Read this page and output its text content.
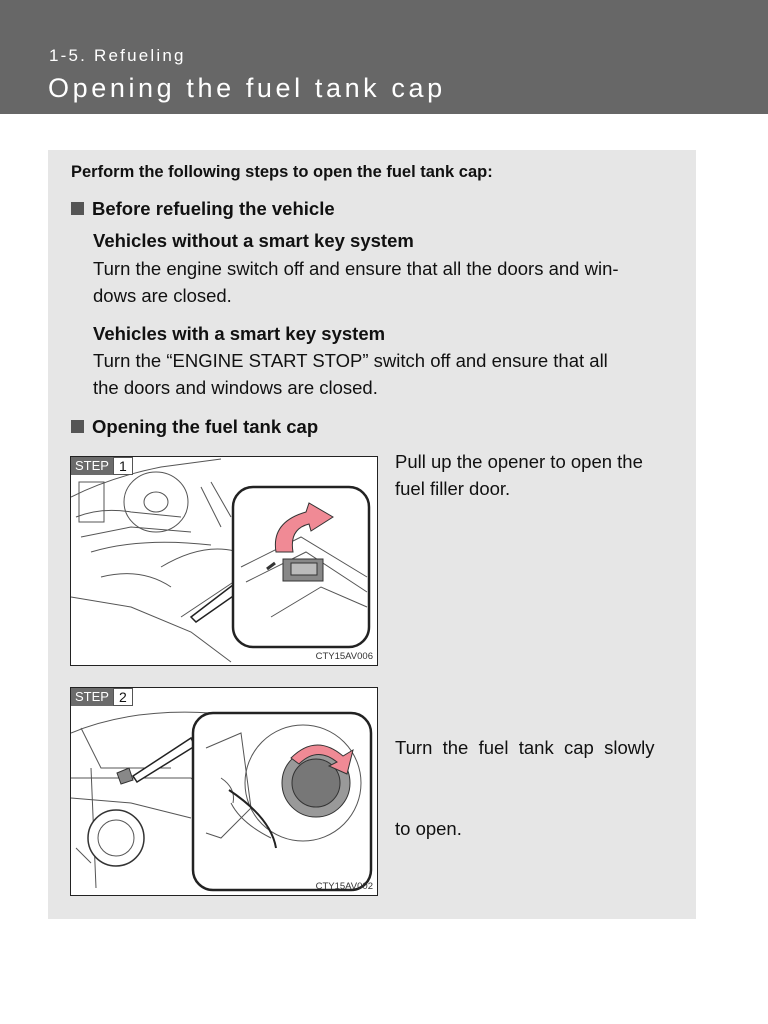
1-5. Refueling
Opening the fuel tank cap
Perform the following steps to open the fuel tank cap:
Before refueling the vehicle
Vehicles without a smart key system
Turn the engine switch off and ensure that all the doors and win-
dows are closed.
Vehicles with a smart key system
Turn the “ENGINE START STOP” switch off and ensure that all
the doors and windows are closed.
Opening the fuel tank cap
STEP 1
CTY15AV006
Pull up the opener to open the
fuel filler door.
STEP 2
CTY15AV002

Turn  the  fuel  tank  cap  slowly

to open.
